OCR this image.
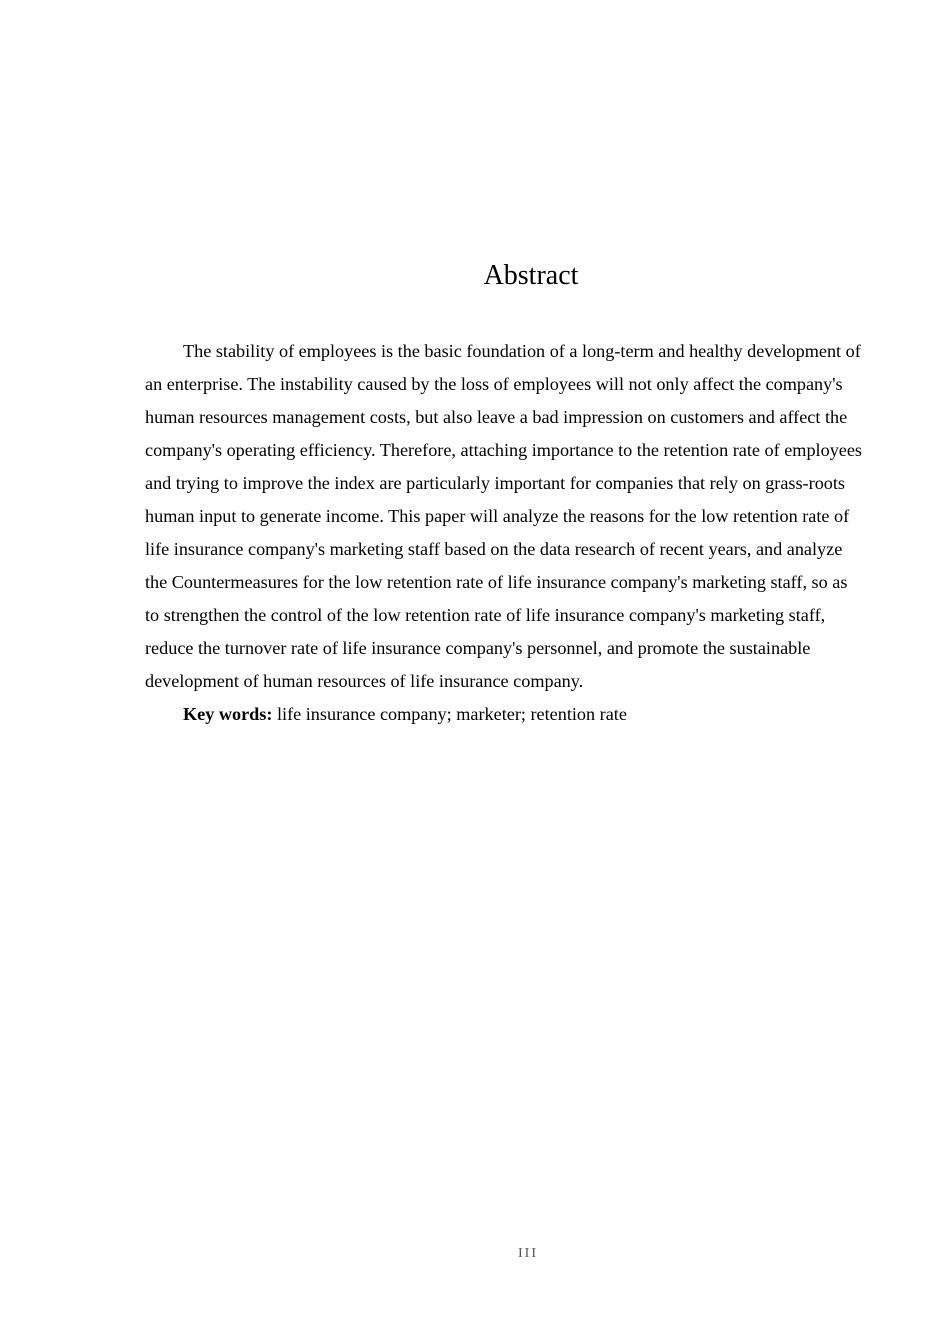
Abstract

The stability of employees is the basic foundation of a long-term and healthy development of an enterprise. The instability caused by the loss of employees will not only affect the company's human resources management costs, but also leave a bad impression on customers and affect the company's operating efficiency. Therefore, attaching importance to the retention rate of employees and trying to improve the index are particularly important for companies that rely on grass-roots human input to generate income. This paper will analyze the reasons for the low retention rate of life insurance company's marketing staff based on the data research of recent years, and analyze the Countermeasures for the low retention rate of life insurance company's marketing staff, so as to strengthen the control of the low retention rate of life insurance company's marketing staff, reduce the turnover rate of life insurance company's personnel, and promote the sustainable development of human resources of life insurance company.

Key words: life insurance company; marketer; retention rate

III
